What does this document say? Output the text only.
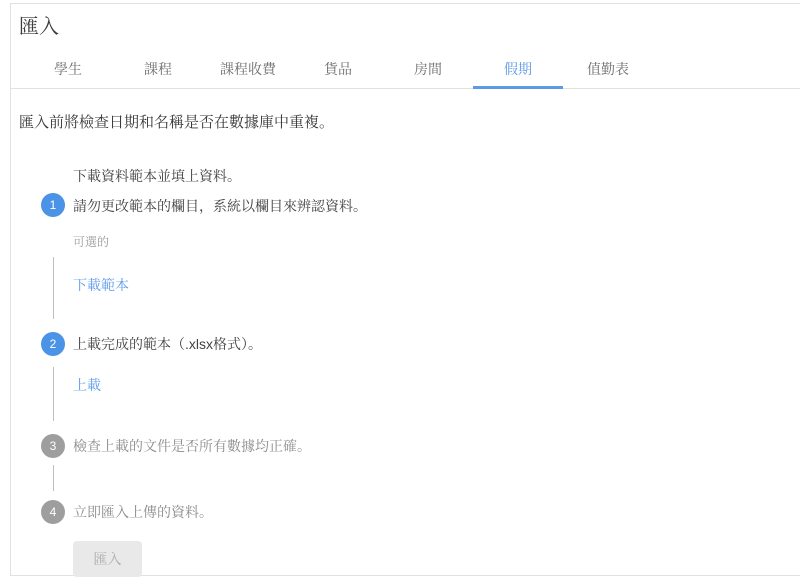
匯入
學生	課程	課程收費	貨品	房間	假期	值勤表

匯入前將檢查日期和名稱是否在數據庫中重複。

1
下載資料範本並填上資料。
請勿更改範本的欄目，系統以欄目來辨認資料。
可選的
下載範本
2 上載完成的範本（.xlsx格式）。
上載
3 檢查上載的文件是否所有數據均正確。
4 立即匯入上傳的資料。
匯入
